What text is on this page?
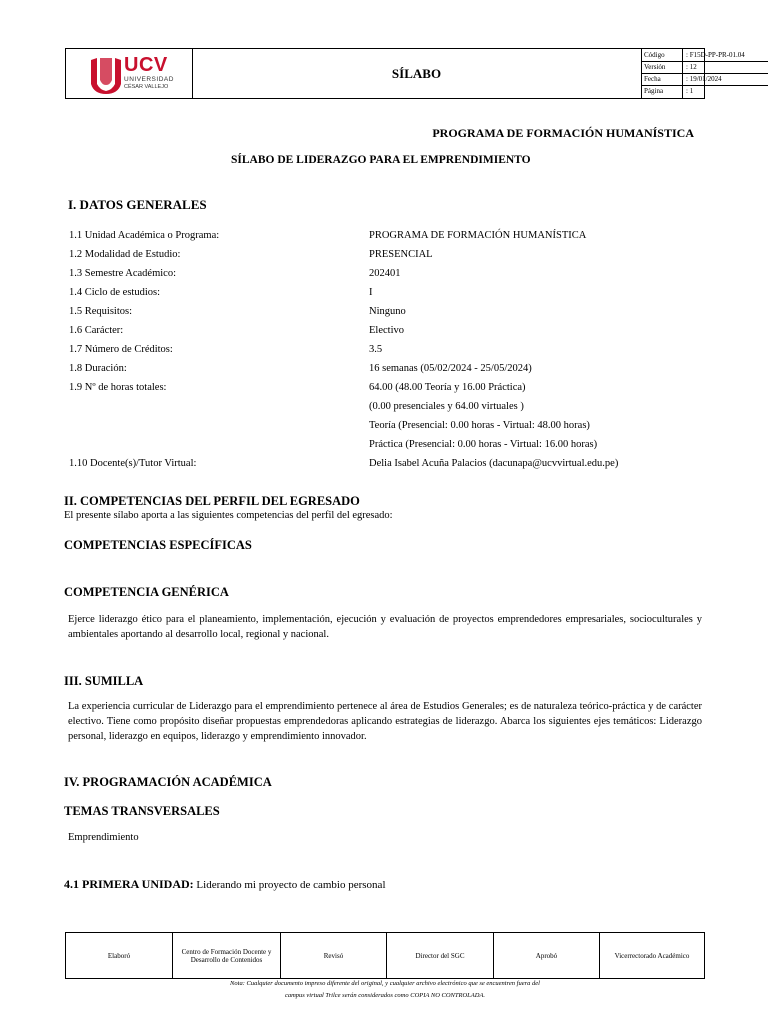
UCV
UNIVERSIDAD
CÉSAR VALLEJO
SÍLABO
Código	: F15D-PP-PR-01.04
Versión	: 12
Fecha	: 19/01/2024
Página	: 1
PROGRAMA DE FORMACIÓN HUMANÍSTICA
SÍLABO DE LIDERAZGO PARA EL EMPRENDIMIENTO
I. DATOS GENERALES
1.1 Unidad Académica o Programa:	PROGRAMA DE FORMACIÓN HUMANÍSTICA
1.2 Modalidad de Estudio:	PRESENCIAL
1.3 Semestre Académico:	202401
1.4 Ciclo de estudios:	I
1.5 Requisitos:	Ninguno
1.6 Carácter:	Electivo
1.7 Número de Créditos:	3.5
1.8 Duración:	16 semanas (05/02/2024 - 25/05/2024)
1.9 Nº de horas totales:	64.00 (48.00 Teoría y 16.00 Práctica)
(0.00 presenciales y 64.00 virtuales )
Teoría (Presencial: 0.00 horas - Virtual: 48.00 horas)
Práctica (Presencial: 0.00 horas - Virtual: 16.00 horas)
1.10 Docente(s)/Tutor Virtual:	Delia Isabel Acuña Palacios (dacunapa@ucvvirtual.edu.pe)
II. COMPETENCIAS DEL PERFIL DEL EGRESADO
El presente sílabo aporta a las siguientes competencias del perfil del egresado:
COMPETENCIAS ESPECÍFICAS
COMPETENCIA GENÉRICA
Ejerce liderazgo ético para el planeamiento, implementación, ejecución y evaluación de proyectos emprendedores empresariales, socioculturales y ambientales aportando al desarrollo local, regional y nacional.
III. SUMILLA
La experiencia curricular de Liderazgo para el emprendimiento pertenece al área de Estudios Generales; es de naturaleza teórico-práctica y de carácter electivo. Tiene como propósito diseñar propuestas emprendedoras aplicando estrategias de liderazgo. Abarca los siguientes ejes temáticos: Liderazgo personal, liderazgo en equipos, liderazgo y emprendimiento innovador.
IV. PROGRAMACIÓN ACADÉMICA
TEMAS TRANSVERSALES
Emprendimiento
4.1 PRIMERA UNIDAD: Liderando mi proyecto de cambio personal
Elaboró	Centro de Formación Docente y Desarrollo de Contenidos	Revisó	Director del SGC	Aprobó	Vicerrectorado Académico
Nota: Cualquier documento impreso diferente del original, y cualquier archivo electrónico que se encuentren fuera del
campus virtual Trilce serán considerados como COPIA NO CONTROLADA.
